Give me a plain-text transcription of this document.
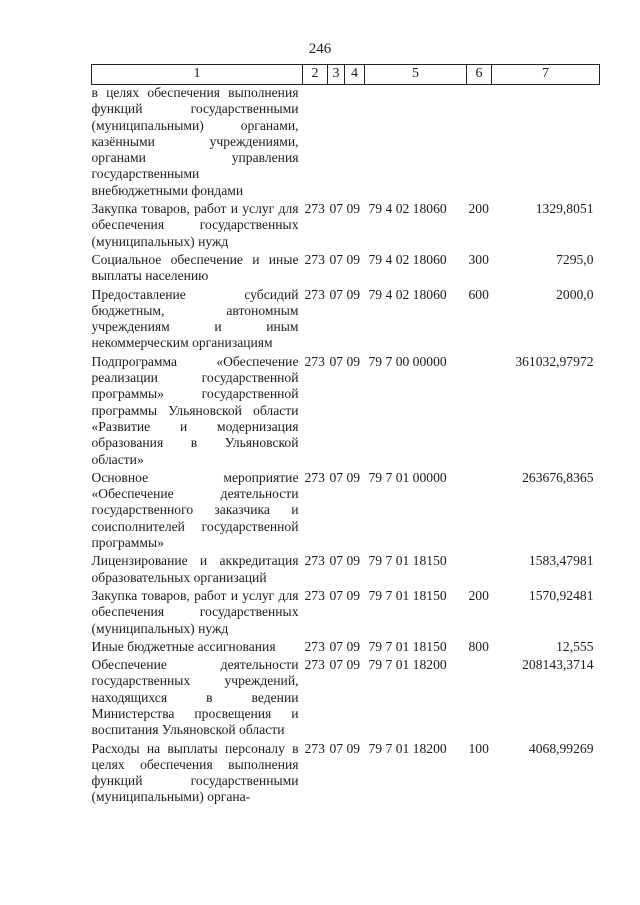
246
1	2	3	4	5	6	7
в целях обеспечения выполнения функций государственными (муниципальными) органами, казёнными учреждениями, органами управления государственными внебюджетными фондами						
Закупка товаров, работ и услуг для обеспечения государственных (муниципальных) нужд	273	07	09	79 4 02 18060	200	1329,8051
Социальное обеспечение и иные выплаты населению	273	07	09	79 4 02 18060	300	7295,0
Предоставление субсидий бюджетным, автономным учреждениям и иным некоммерческим организациям	273	07	09	79 4 02 18060	600	2000,0
Подпрограмма «Обеспечение реализации государственной программы» государственной программы Ульяновской области «Развитие и модернизация образования в Ульяновской области»	273	07	09	79 7 00 00000		361032,97972
Основное мероприятие «Обеспечение деятельности государственного заказчика и соисполнителей государственной программы»	273	07	09	79 7 01 00000		263676,8365
Лицензирование и аккредитация образовательных организаций	273	07	09	79 7 01 18150		1583,47981
Закупка товаров, работ и услуг для обеспечения государственных (муниципальных) нужд	273	07	09	79 7 01 18150	200	1570,92481
Иные бюджетные ассигнования	273	07	09	79 7 01 18150	800	12,555
Обеспечение деятельности государственных учреждений, находящихся в ведении Министерства просвещения и воспитания Ульяновской области	273	07	09	79 7 01 18200		208143,3714
Расходы на выплаты персоналу в целях обеспечения выполнения функций государственными (муниципальными) органа-	273	07	09	79 7 01 18200	100	4068,99269
